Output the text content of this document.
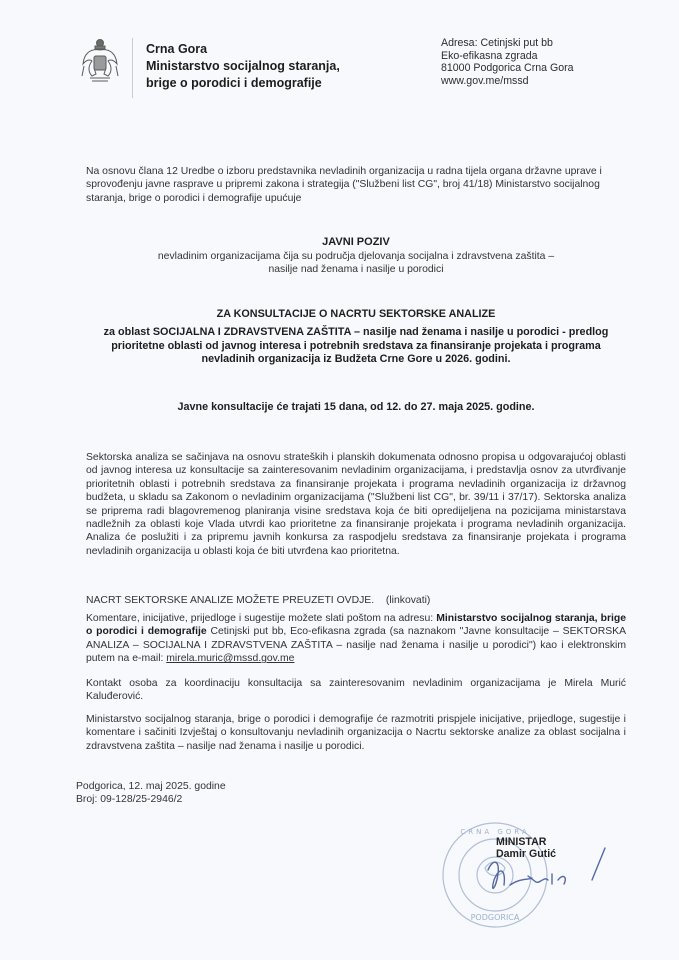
Crna Gora
Ministarstvo socijalnog staranja,
brige o porodici i demografije
Adresa: Cetinjski put bb
Eko-efikasna zgrada
81000 Podgorica Crna Gora
www.gov.me/mssd
Na osnovu člana 12 Uredbe o izboru predstavnika nevladinih organizacija u radna tijela organa državne uprave i sprovođenju javne rasprave u pripremi zakona i strategija ("Službeni list CG", broj 41/18) Ministarstvo socijalnog staranja, brige o porodici i demografije upućuje
JAVNI POZIV
nevladinim organizacijama čija su područja djelovanja socijalna i zdravstvena zaštita –
nasilje nad ženama i nasilje u porodici
ZA KONSULTACIJE O NACRTU SEKTORSKE ANALIZE
za oblast SOCIJALNA I ZDRAVSTVENA ZAŠTITA – nasilje nad ženama i nasilje u porodici - predlog
prioritetne oblasti od javnog interesa i potrebnih sredstava za finansiranje projekata i programa
nevladinih organizacija iz Budžeta Crne Gore u 2026. godini.
Javne konsultacije će trajati 15 dana, od 12. do 27. maja 2025. godine.
Sektorska analiza se sačinjava na osnovu strateških i planskih dokumenata odnosno propisa u odgovarajućoj oblasti od javnog interesa uz konsultacije sa zainteresovanim nevladinim organizacijama, i predstavlja osnov za utvrđivanje prioritetnih oblasti i potrebnih sredstava za finansiranje projekata i programa nevladinih organizacija iz državnog budžeta, u skladu sa Zakonom o nevladinim organizacijama ("Službeni list CG", br. 39/11 i 37/17). Sektorska analiza se priprema radi blagovremenog planiranja visine sredstava koja će biti opredijeljena na pozicijama ministarstava nadležnih za oblasti koje Vlada utvrdi kao prioritetne za finansiranje projekata i programa nevladinih organizacija. Analiza će poslužiti i za pripremu javnih konkursa za raspodjelu sredstava za finansiranje projekata i programa nevladinih organizacija u oblasti koja će biti utvrđena kao prioritetna.
NACRT SEKTORSKE ANALIZE MOŽETE PREUZETI OVDJE. (linkovati)
Komentare, inicijative, prijedloge i sugestije možete slati poštom na adresu: Ministarstvo socijalnog staranja, brige o porodici i demografije Cetinjski put bb, Eco-efikasna zgrada (sa naznakom "Javne konsultacije – SEKTORSKA ANALIZA – SOCIJALNA I ZDRAVSTVENA ZAŠTITA – nasilje nad ženama i nasilje u porodici") kao i elektronskim putem na e-mail: mirela.muric@mssd.gov.me
Kontakt osoba za koordinaciju konsultacija sa zainteresovanim nevladinim organizacijama je Mirela Murić Kaluđerović.
Ministarstvo socijalnog staranja, brige o porodici i demografije će razmotriti prispjele inicijative, prijedloge, sugestije i komentare i sačiniti Izvještaj o konsultovanju nevladinih organizacija o Nacrtu sektorske analize za oblast socijalna i zdravstvena zaštita – nasilje nad ženama i nasilje u porodici.
Podgorica, 12. maj 2025. godine
Broj: 09-128/25-2946/2
PODGORICA
CRNA GORA
MINISTAR
Damir Gutić
